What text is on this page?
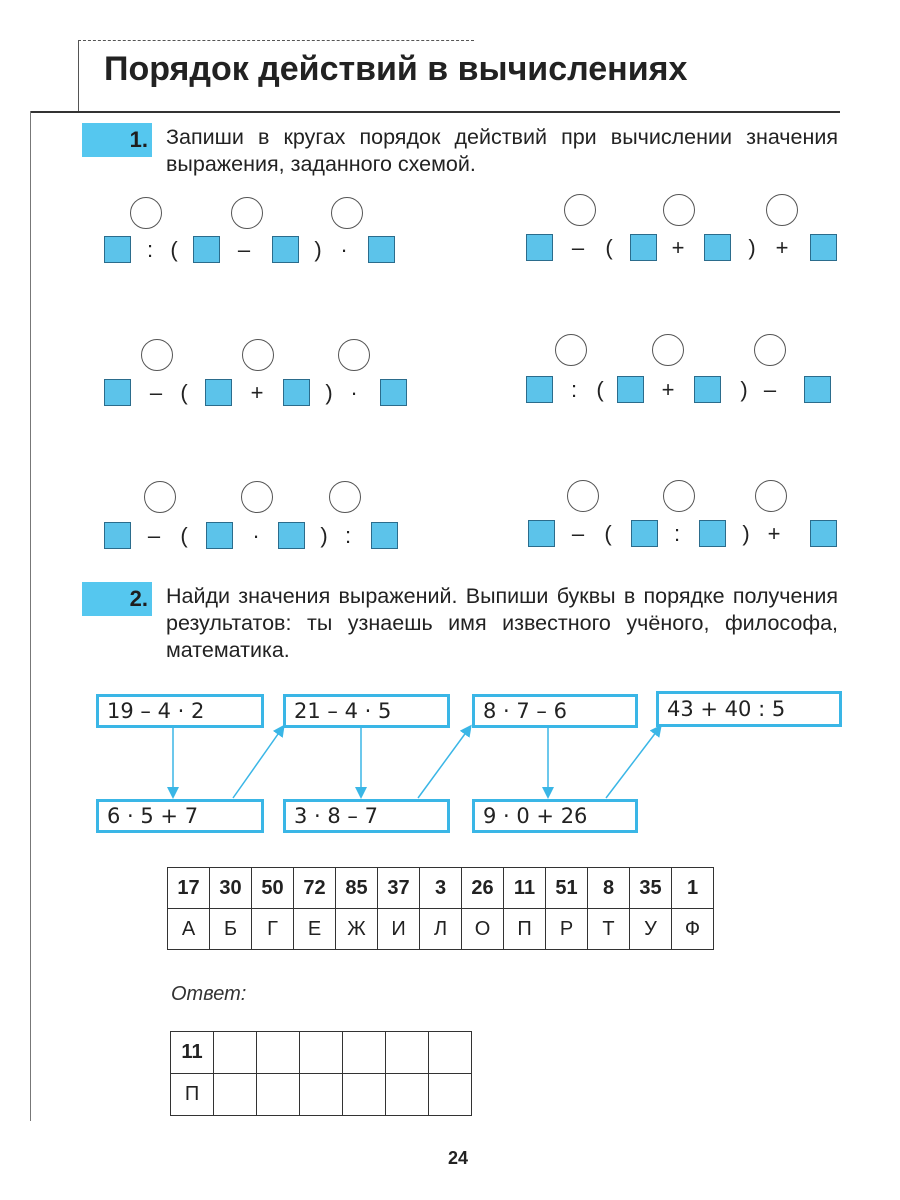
Порядок действий в вычислениях
1. Запиши в кругах порядок действий при вычислении значения выражения, заданного схемой.
: (	–	) ·	– (	+	) +
– (	+	) ·	: (	+	) –
– (	·	) :	– (	:	) +
2. Найди значения выражений. Выпиши буквы в порядке получения результатов: ты узнаешь имя известного учёного, философа, математика.
19 – 4 · 2
6 · 5 + 7
21 – 4 · 5
3 · 8 – 7
8 · 7 – 6
9 · 0 + 26
43 + 40 : 5
17	30	50	72	85	37	3	26	11	51	8	35	1
А	Б	Г	Е	Ж	И	Л	О	П	Р	Т	У	Ф
Ответ:
11						
П						
24
